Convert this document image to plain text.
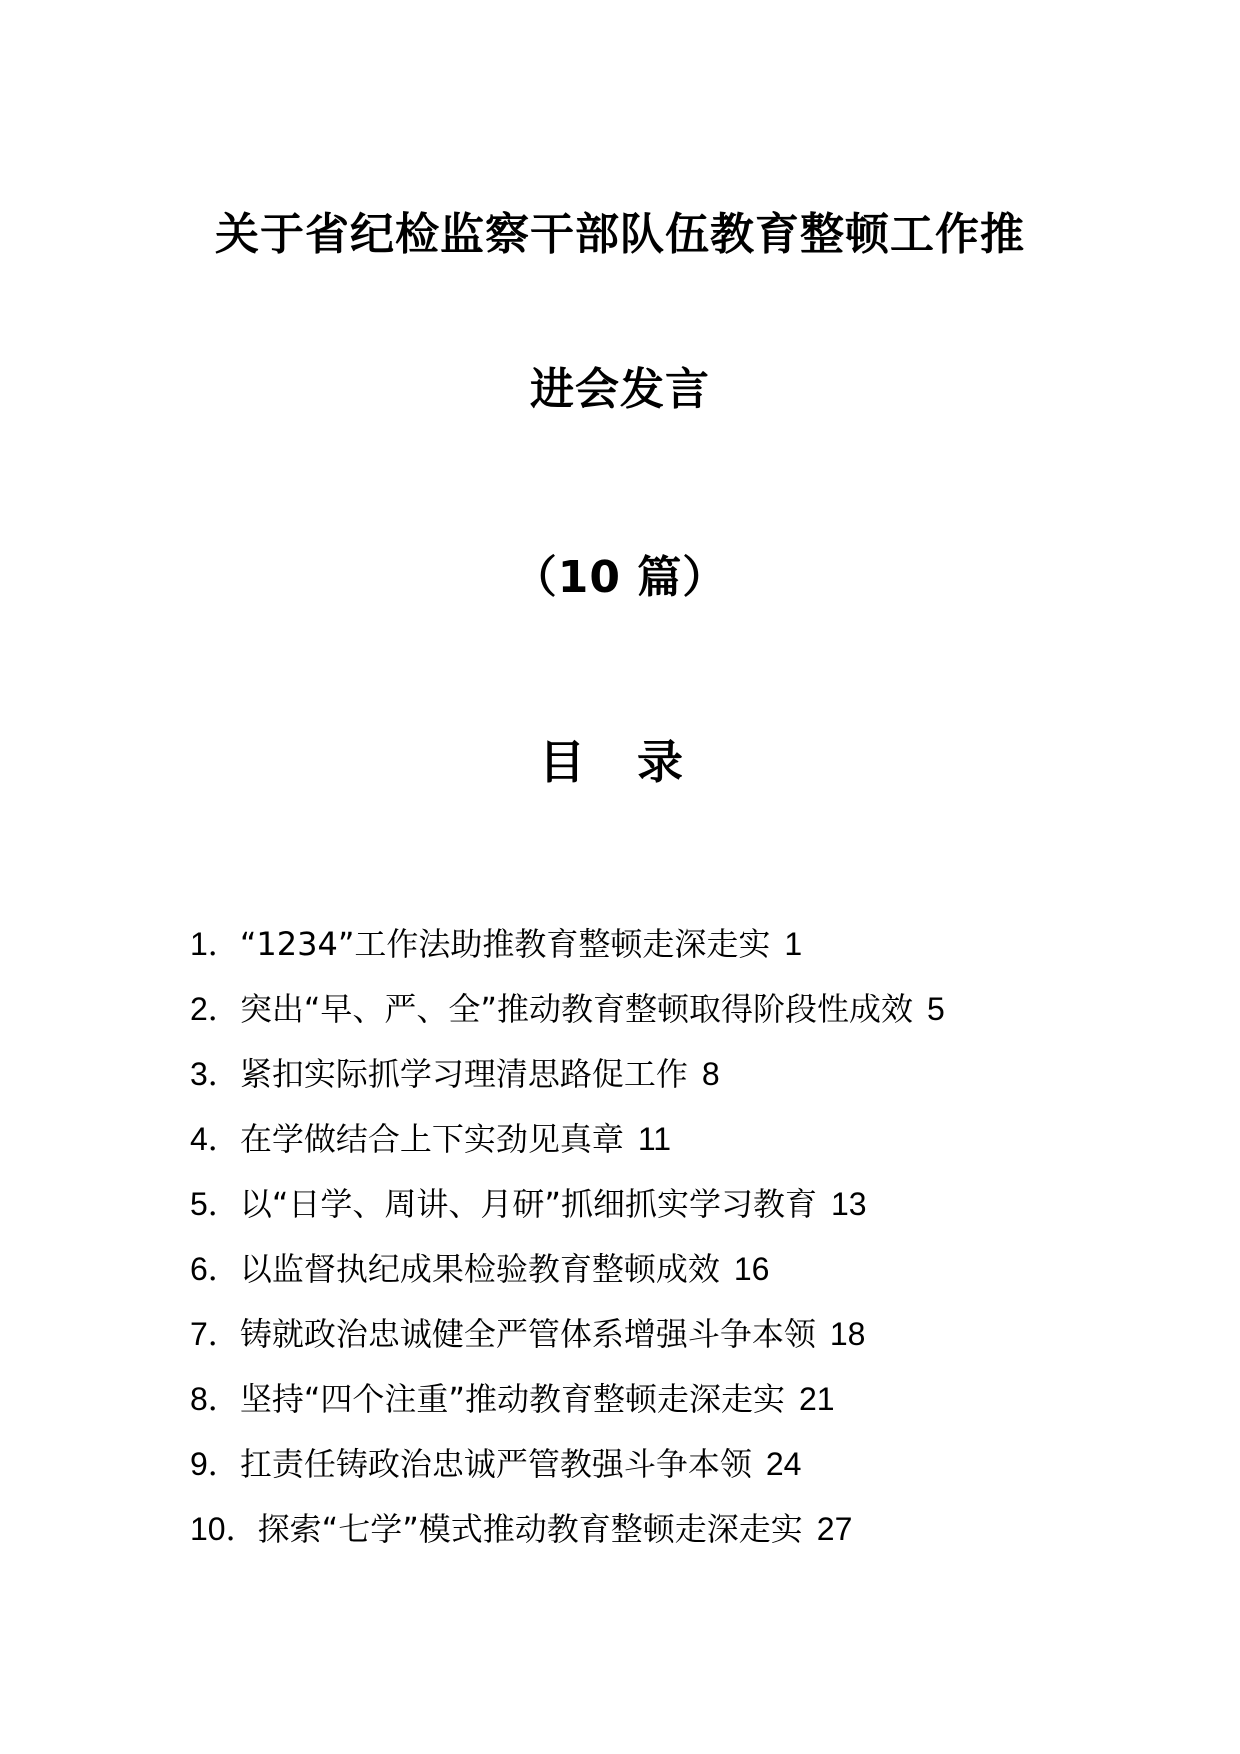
关于省纪检监察干部队伍教育整顿工作推
进会发言
（10 篇）
目 录
1．“1234”工作法助推教育整顿走深走实 1
2．突出“早、严、全”推动教育整顿取得阶段性成效 5
3．紧扣实际抓学习理清思路促工作 8
4．在学做结合上下实劲见真章 11
5．以“日学、周讲、月研”抓细抓实学习教育 13
6．以监督执纪成果检验教育整顿成效 16
7．铸就政治忠诚健全严管体系增强斗争本领 18
8．坚持“四个注重”推动教育整顿走深走实 21
9．扛责任铸政治忠诚严管教强斗争本领 24
10．探索“七学”模式推动教育整顿走深走实 27
